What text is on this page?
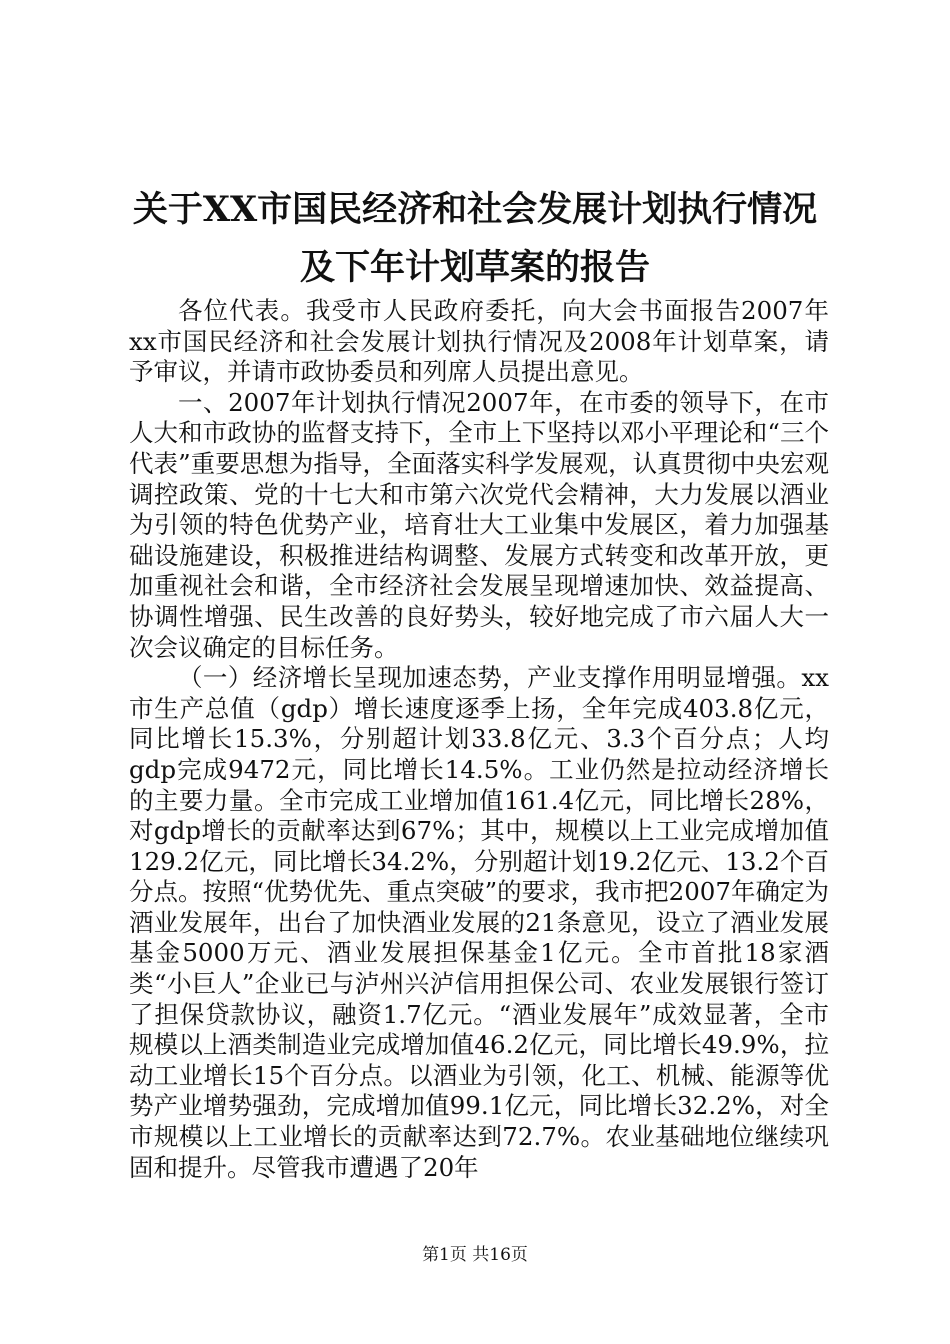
关于XX市国民经济和社会发展计划执行情况
及下年计划草案的报告

各位代表。我受市人民政府委托，向大会书面报告2007年xx市国民经济和社会发展计划执行情况及2008年计划草案，请予审议，并请市政协委员和列席人员提出意见。

一、2007年计划执行情况2007年，在市委的领导下，在市人大和市政协的监督支持下，全市上下坚持以邓小平理论和“三个代表”重要思想为指导，全面落实科学发展观，认真贯彻中央宏观调控政策、党的十七大和市第六次党代会精神，大力发展以酒业为引领的特色优势产业，培育壮大工业集中发展区，着力加强基础设施建设，积极推进结构调整、发展方式转变和改革开放，更加重视社会和谐，全市经济社会发展呈现增速加快、效益提高、协调性增强、民生改善的良好势头，较好地完成了市六届人大一次会议确定的目标任务。

（一）经济增长呈现加速态势，产业支撑作用明显增强。xx市生产总值（gdp）增长速度逐季上扬，全年完成403.8亿元，同比增长15.3%，分别超计划33.8亿元、3.3个百分点；人均gdp完成9472元，同比增长14.5%。工业仍然是拉动经济增长的主要力量。全市完成工业增加值161.4亿元，同比增长28%，对gdp增长的贡献率达到67%；其中，规模以上工业完成增加值129.2亿元，同比增长34.2%，分别超计划19.2亿元、13.2个百分点。按照“优势优先、重点突破”的要求，我市把2007年确定为酒业发展年，出台了加快酒业发展的21条意见，设立了酒业发展基金5000万元、酒业发展担保基金1亿元。全市首批18家酒类“小巨人”企业已与泸州兴泸信用担保公司、农业发展银行签订了担保贷款协议，融资1.7亿元。“酒业发展年”成效显著，全市规模以上酒类制造业完成增加值46.2亿元，同比增长49.9%，拉动工业增长15个百分点。以酒业为引领，化工、机械、能源等优势产业增势强劲，完成增加值99.1亿元，同比增长32.2%，对全市规模以上工业增长的贡献率达到72.7%。农业基础地位继续巩固和提升。尽管我市遭遇了20年

第1页 共16页
